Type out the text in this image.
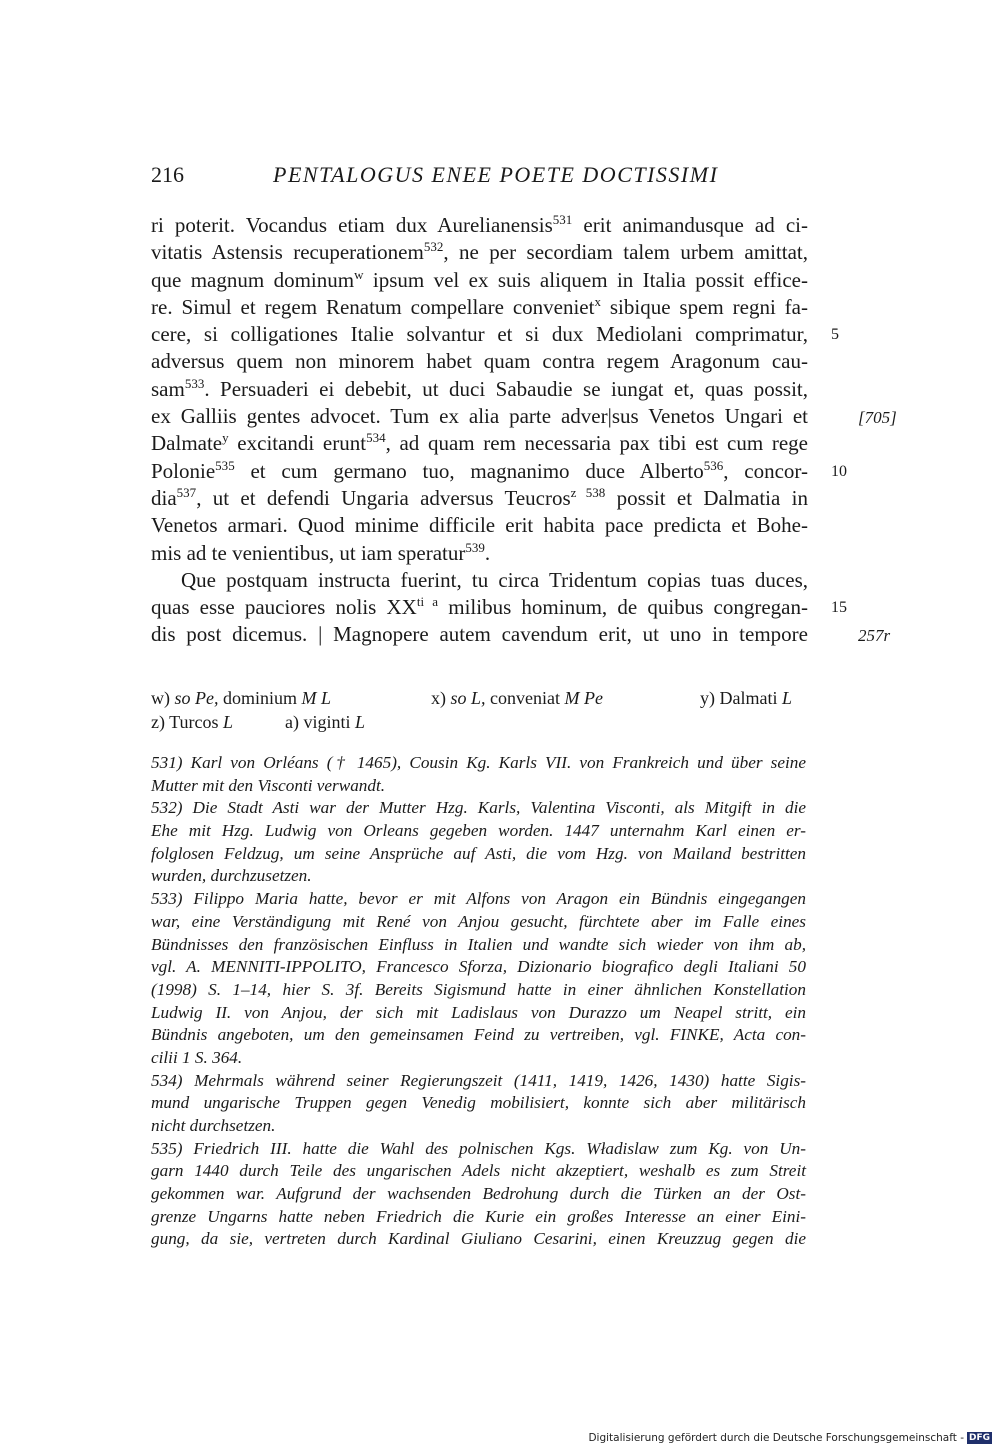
216	PENTALOGUS ENEE POETE DOCTISSIMI
ri poterit. Vocandus etiam dux Aurelianensis$^{531}$ erit animandusque ad ci-
vitatis Astensis recuperationem$^{532}$, ne per secordiam talem urbem amittat,
que magnum dominum$^w$ ipsum vel ex suis aliquem in Italia possit effice-
re. Simul et regem Renatum compellare conveniet$^x$ sibique spem regni fa-
cere, si colligationes Italie solvantur et si dux Mediolani comprimatur,
adversus quem non minorem habet quam contra regem Aragonum cau-
sam$^{533}$. Persuaderi ei debebit, ut duci Sabaudie se iungat et, quas possit,
ex Galliis gentes advocet. Tum ex alia parte adver|sus Venetos Ungari et
Dalmate$^y$ excitandi erunt$^{534}$, ad quam rem necessaria pax tibi est cum rege
Polonie$^{535}$ et cum germano tuo, magnanimo duce Alberto$^{536}$, concor-
dia$^{537}$, ut et defendi Ungaria adversus Teucros$^{z 538}$ possit et Dalmatia in
Venetos armari. Quod minime difficile erit habita pace predicta et Bohe-
mis ad te venientibus, ut iam speratur$^{539}$.
Que postquam instructa fuerint, tu circa Tridentum copias tuas duces,
quas esse pauciores nolis $XX^{ti a}$ milibus hominum, de quibus congregan-
dis post dicemus. | Magnopere autem cavendum erit, ut uno in tempore
5
[705]
10
15
257r
w) so Pe, dominium M L	x) so L, conveniat M Pe	y) Dalmati L
z) Turcos L	a) viginti L
531) Karl von Orléans († 1465), Cousin Kg. Karls VII. von Frankreich und über seine
Mutter mit den Visconti verwandt.
532) Die Stadt Asti war der Mutter Hzg. Karls, Valentina Visconti, als Mitgift in die
Ehe mit Hzg. Ludwig von Orleans gegeben worden. 1447 unternahm Karl einen er-
folglosen Feldzug, um seine Ansprüche auf Asti, die vom Hzg. von Mailand bestritten
wurden, durchzusetzen.
533) Filippo Maria hatte, bevor er mit Alfons von Aragon ein Bündnis eingegangen
war, eine Verständigung mit René von Anjou gesucht, fürchtete aber im Falle eines
Bündnisses den französischen Einfluss in Italien und wandte sich wieder von ihm ab,
vgl. A. MENNITI-IPPOLITO, Francesco Sforza, Dizionario biografico degli Italiani 50
(1998) S. 1–14, hier S. 3f. Bereits Sigismund hatte in einer ähnlichen Konstellation
Ludwig II. von Anjou, der sich mit Ladislaus von Durazzo um Neapel stritt, ein
Bündnis angeboten, um den gemeinsamen Feind zu vertreiben, vgl. FINKE, Acta con-
cilii 1 S. 364.
534) Mehrmals während seiner Regierungszeit (1411, 1419, 1426, 1430) hatte Sigis-
mund ungarische Truppen gegen Venedig mobilisiert, konnte sich aber militärisch
nicht durchsetzen.
535) Friedrich III. hatte die Wahl des polnischen Kgs. Władislaw zum Kg. von Un-
garn 1440 durch Teile des ungarischen Adels nicht akzeptiert, weshalb es zum Streit
gekommen war. Aufgrund der wachsenden Bedrohung durch die Türken an der Ost-
grenze Ungarns hatte neben Friedrich die Kurie ein großes Interesse an einer Eini-
gung, da sie, vertreten durch Kardinal Giuliano Cesarini, einen Kreuzzug gegen die
Digitalisierung gefördert durch die Deutsche Forschungsgemeinschaft - DFG
